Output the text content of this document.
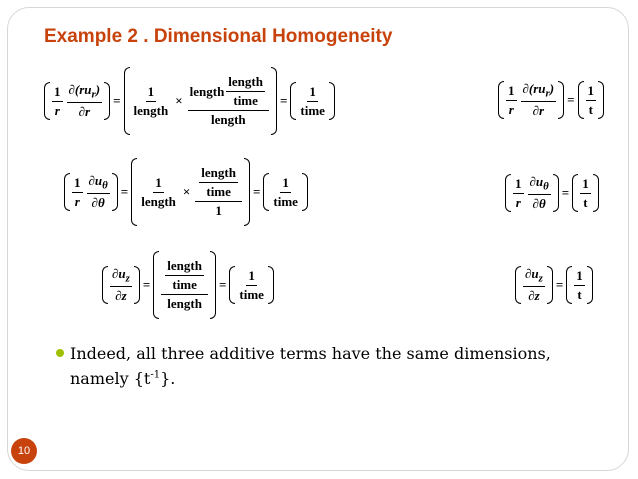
Example 2 . Dimensional Homogeneity
1
r
$\partial(ru_r)$
∂r
=
1
length
×
length
length
time
length
=
1
time
1
r
$\partial(ru_r)$
∂r
=
1
t
1
r
$\partial u_\theta$
∂θ
=
1
length
×
length
time
1
=
1
time
1
r
$\partial u_\theta$
∂θ
=
1
t
$\partial u_z$
∂z
=
length
time
length
=
1
time
$\partial u_z$
∂z
=
1
t
Indeed, all three additive terms have the same dimensions, namely $\{t^{-1}\}$.
10
